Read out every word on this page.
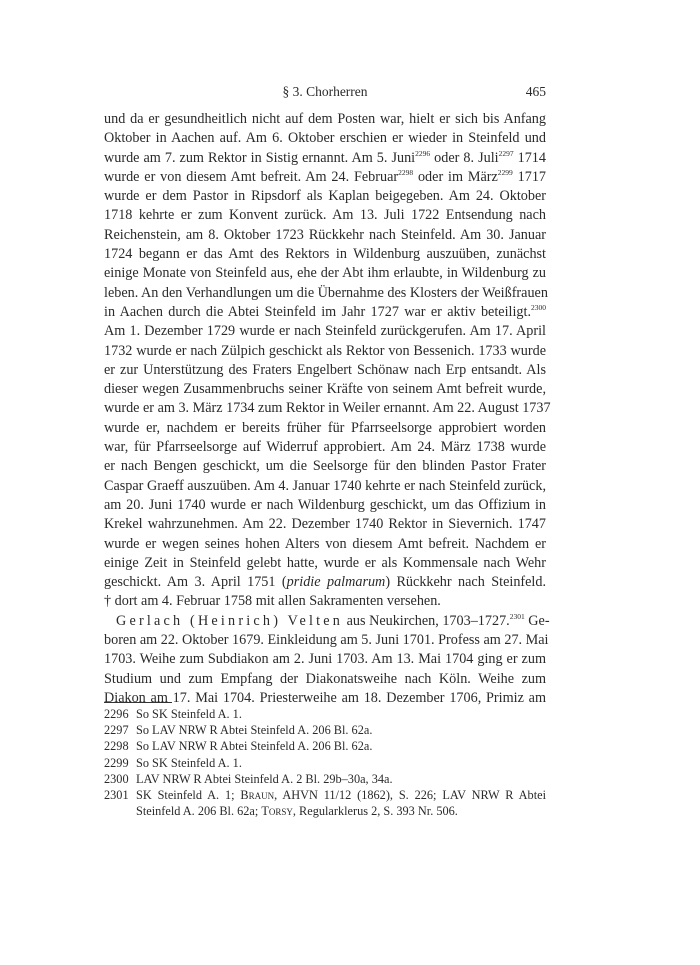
§ 3. Chorherren	465
und da er gesundheitlich nicht auf dem Posten war, hielt er sich bis Anfang
Oktober in Aachen auf. Am 6. Oktober erschien er wieder in Steinfeld und
wurde am 7. zum Rektor in Sistig ernannt. Am 5. Juni$^{2296}$ oder 8. Juli$^{2297}$ 1714
wurde er von diesem Amt befreit. Am 24. Februar$^{2298}$ oder im März$^{2299}$ 1717
wurde er dem Pastor in Ripsdorf als Kaplan beigegeben. Am 24. Oktober
1718 kehrte er zum Konvent zurück. Am 13. Juli 1722 Entsendung nach
Reichenstein, am 8. Oktober 1723 Rückkehr nach Steinfeld. Am 30. Januar
1724 begann er das Amt des Rektors in Wildenburg auszuüben, zunächst
einige Monate von Steinfeld aus, ehe der Abt ihm erlaubte, in Wildenburg zu
leben. An den Verhandlungen um die Übernahme des Klosters der Weißfrauen
in Aachen durch die Abtei Steinfeld im Jahr 1727 war er aktiv beteiligt.$^{2300}$
Am 1. Dezember 1729 wurde er nach Steinfeld zurückgerufen. Am 17. April
1732 wurde er nach Zülpich geschickt als Rektor von Bessenich. 1733 wurde
er zur Unterstützung des Fraters Engelbert Schönaw nach Erp entsandt. Als
dieser wegen Zusammenbruchs seiner Kräfte von seinem Amt befreit wurde,
wurde er am 3. März 1734 zum Rektor in Weiler ernannt. Am 22. August 1737
wurde er, nachdem er bereits früher für Pfarrseelsorge approbiert worden
war, für Pfarrseelsorge auf Widerruf approbiert. Am 24. März 1738 wurde
er nach Bengen geschickt, um die Seelsorge für den blinden Pastor Frater
Caspar Graeff auszuüben. Am 4. Januar 1740 kehrte er nach Steinfeld zurück,
am 20. Juni 1740 wurde er nach Wildenburg geschickt, um das Offizium in
Krekel wahrzunehmen. Am 22. Dezember 1740 Rektor in Sievernich. 1747
wurde er wegen seines hohen Alters von diesem Amt befreit. Nachdem er
einige Zeit in Steinfeld gelebt hatte, wurde er als Kommensale nach Wehr
geschickt. Am 3. April 1751 (pridie palmarum) Rückkehr nach Steinfeld.
† dort am 4. Februar 1758 mit allen Sakramenten versehen.
Gerlach (Heinrich) Velten aus Neukirchen, 1703–1727.$^{2301}$ Ge-
boren am 22. Oktober 1679. Einkleidung am 5. Juni 1701. Profess am 27. Mai
1703. Weihe zum Subdiakon am 2. Juni 1703. Am 13. Mai 1704 ging er zum
Studium und zum Empfang der Diakonatsweihe nach Köln. Weihe zum
Diakon am 17. Mai 1704. Priesterweihe am 18. Dezember 1706, Primiz am
2296 So SK Steinfeld A. 1.
2297 So LAV NRW R Abtei Steinfeld A. 206 Bl. 62a.
2298 So LAV NRW R Abtei Steinfeld A. 206 Bl. 62a.
2299 So SK Steinfeld A. 1.
2300 LAV NRW R Abtei Steinfeld A. 2 Bl. 29b–30a, 34a.
2301 SK Steinfeld A. 1; Braun, AHVN 11/12 (1862), S. 226; LAV NRW R Abtei
Steinfeld A. 206 Bl. 62a; Torsy, Regularklerus 2, S. 393 Nr. 506.
